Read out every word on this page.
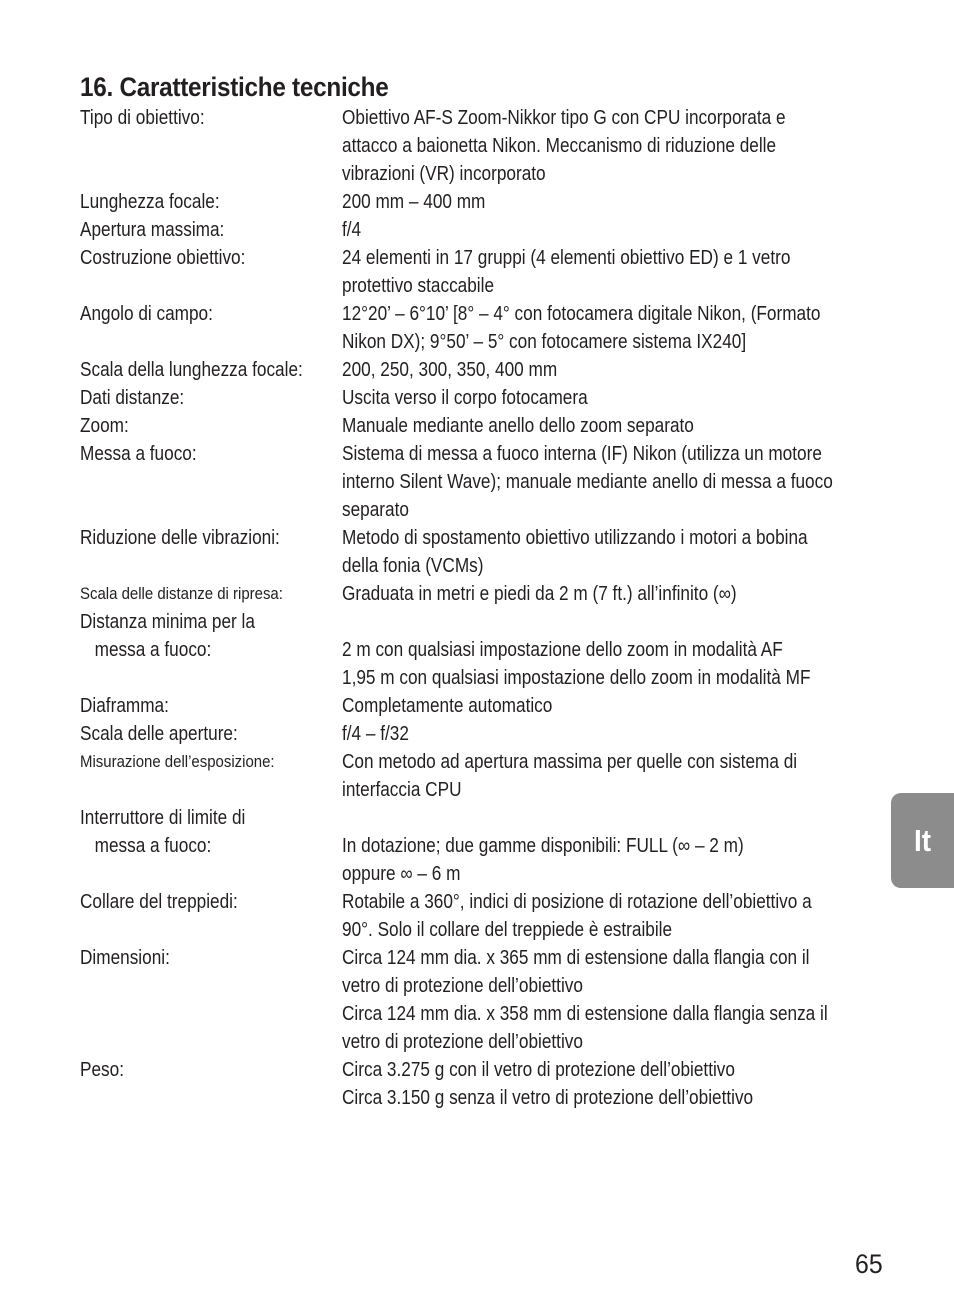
16. Caratteristiche tecniche
Tipo di obiettivo:	Obiettivo AF-S Zoom-Nikkor tipo G con CPU incorporata e
attacco a baionetta Nikon. Meccanismo di riduzione delle
vibrazioni (VR) incorporato
Lunghezza focale:	200 mm – 400 mm
Apertura massima:	f/4
Costruzione obiettivo:	24 elementi in 17 gruppi (4 elementi obiettivo ED) e 1 vetro
protettivo staccabile
Angolo di campo:	12°20’ – 6°10’ [8° – 4° con fotocamera digitale Nikon, (Formato
Nikon DX); 9°50’ – 5° con fotocamere sistema IX240]
Scala della lunghezza focale: 200, 250, 300, 350, 400 mm
Dati distanze:	Uscita verso il corpo fotocamera
Zoom:	Manuale mediante anello dello zoom separato
Messa a fuoco:	Sistema di messa a fuoco interna (IF) Nikon (utilizza un motore
interno Silent Wave); manuale mediante anello di messa a fuoco
separato
Riduzione delle vibrazioni:	Metodo di spostamento obiettivo utilizzando i motori a bobina
della fonia (VCMs)
Scala delle distanze di ripresa:	Graduata in metri e piedi da 2 m (7 ft.) all’infinito (∞)
Distanza minima per la
messa a fuoco:	2 m con qualsiasi impostazione dello zoom in modalità AF
1,95 m con qualsiasi impostazione dello zoom in modalità MF
Diaframma:	Completamente automatico
Scala delle aperture:	f/4 – f/32
Misurazione dell’esposizione:	Con metodo ad apertura massima per quelle con sistema di
interfaccia CPU
Interruttore di limite di
messa a fuoco:	In dotazione; due gamme disponibili: FULL (∞ – 2 m)
oppure ∞ – 6 m
Collare del treppiedi:	Rotabile a 360°, indici di posizione di rotazione dell’obiettivo a
90°. Solo il collare del treppiede è estraibile
Dimensioni:	Circa 124 mm dia. x 365 mm di estensione dalla flangia con il
vetro di protezione dell’obiettivo
Circa 124 mm dia. x 358 mm di estensione dalla flangia senza il
vetro di protezione dell’obiettivo
Peso:	Circa 3.275 g con il vetro di protezione dell’obiettivo
Circa 3.150 g senza il vetro di protezione dell’obiettivo
It
65
